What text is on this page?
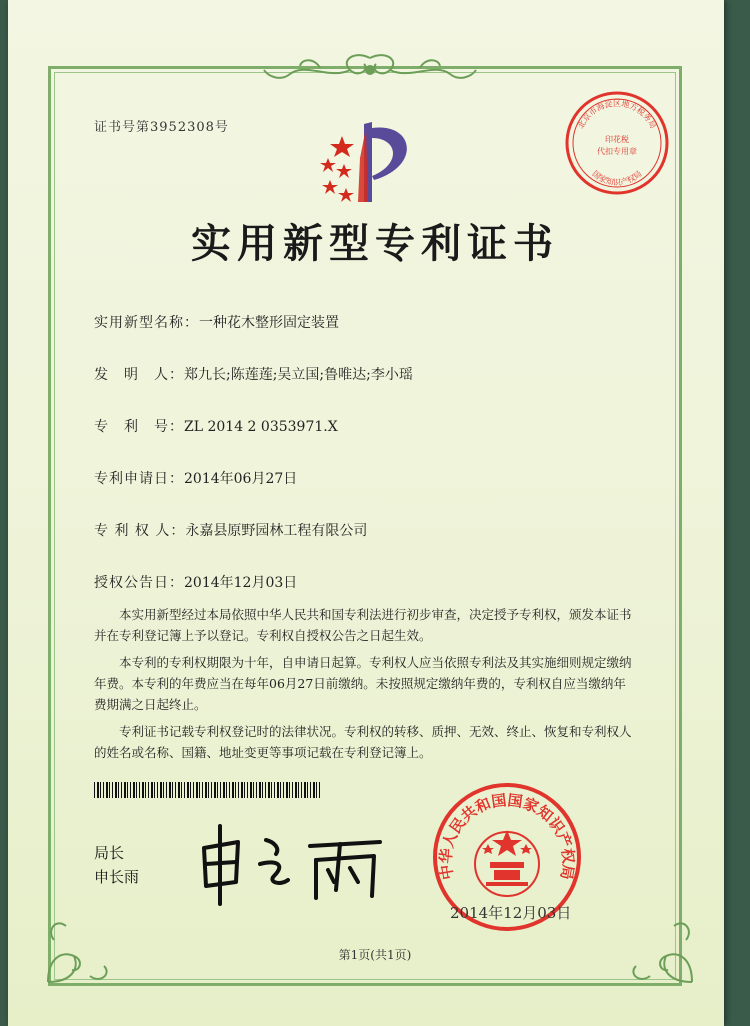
证书号第3952308号	北京市海淀区地方税务局
印花税
代扣专用章
国家知识产权局
实用新型专利证书
实用新型名称：一种花木整形固定装置
发　明　人：郑九长;陈莲莲;吴立国;鲁唯达;李小瑶
专　利　号：ZL 2014 2 0353971.X
专利申请日：2014年06月27日
专 利 权 人：永嘉县原野园林工程有限公司
授权公告日：2014年12月03日

本实用新型经过本局依照中华人民共和国专利法进行初步审查，决定授予专利权，颁发本证书并在专利登记簿上予以登记。专利权自授权公告之日起生效。

本专利的专利权期限为十年，自申请日起算。专利权人应当依照专利法及其实施细则规定缴纳年费。本专利的年费应当在每年06月27日前缴纳。未按照规定缴纳年费的，专利权自应当缴纳年费期满之日起终止。

专利证书记载专利权登记时的法律状况。专利权的转移、质押、无效、终止、恢复和专利权人的姓名或名称、国籍、地址变更等事项记载在专利登记簿上。

局长
申长雨	中华人民共和国国家知识产权局
2014年12月03日
第1页(共1页)
